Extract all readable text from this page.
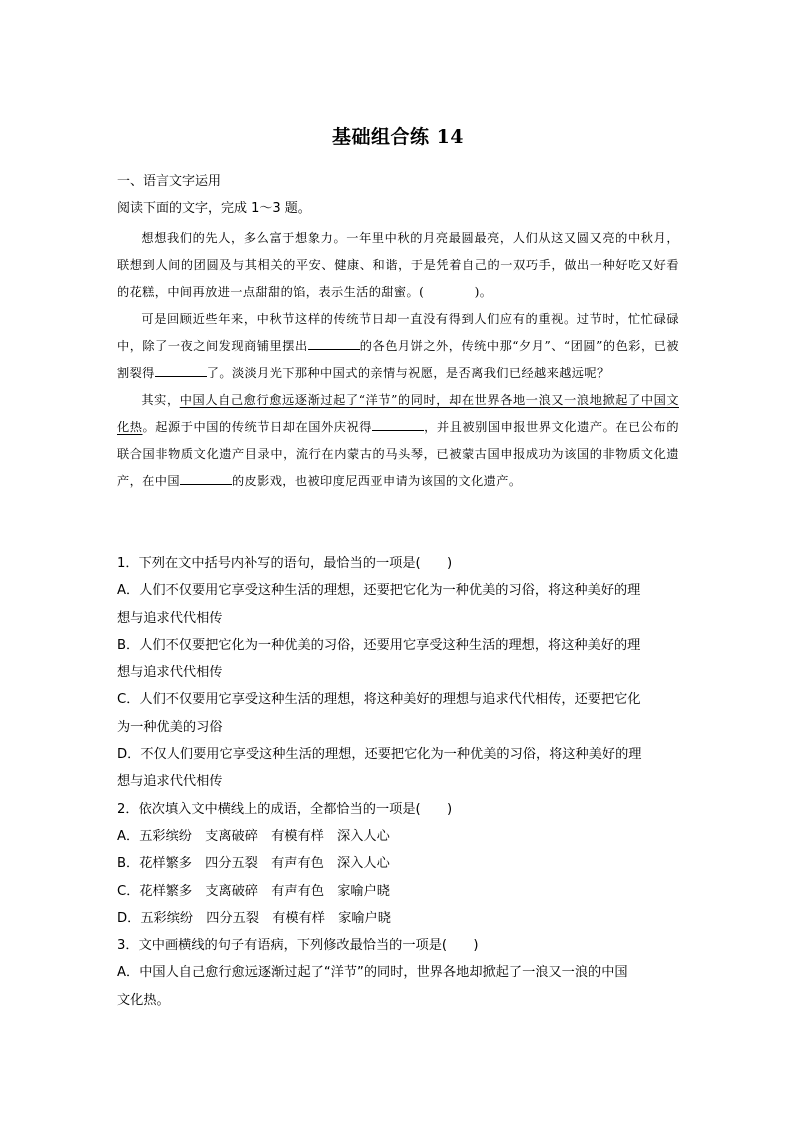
基础组合练 14
一、语言文字运用
阅读下面的文字，完成 1～3 题。

想想我们的先人，多么富于想象力。一年里中秋的月亮最圆最亮，人们从这又圆又亮的中秋月，联想到人间的团圆及与其相关的平安、健康、和谐，于是凭着自己的一双巧手，做出一种好吃又好看的花糕，中间再放进一点甜甜的馅，表示生活的甜蜜。(　　　　)。

可是回顾近些年来，中秋节这样的传统节日却一直没有得到人们应有的重视。过节时，忙忙碌碌中，除了一夜之间发现商铺里摆出	的各色月饼之外，传统中那“夕月”、“团圆”的色彩，已被割裂得	了。淡淡月光下那种中国式的亲情与祝愿，是否离我们已经越来越远呢？

其实，中国人自己愈行愈远逐渐过起了“洋节”的同时，却在世界各地一浪又一浪地掀起了中国文化热。起源于中国的传统节日却在国外庆祝得	，并且被别国申报世界文化遗产。在已公布的联合国非物质文化遗产目录中，流行在内蒙古的马头琴，已被蒙古国申报成功为该国的非物质文化遗产，在中国	的皮影戏，也被印度尼西亚申请为该国的文化遗产。

1．下列在文中括号内补写的语句，最恰当的一项是(　　)
A．人们不仅要用它享受这种生活的理想，还要把它化为一种优美的习俗，将这种美好的理
想与追求代代相传
B．人们不仅要把它化为一种优美的习俗，还要用它享受这种生活的理想，将这种美好的理
想与追求代代相传
C．人们不仅要用它享受这种生活的理想，将这种美好的理想与追求代代相传，还要把它化
为一种优美的习俗
D．不仅人们要用它享受这种生活的理想，还要把它化为一种优美的习俗，将这种美好的理
想与追求代代相传
2．依次填入文中横线上的成语，全都恰当的一项是(　　)
A．五彩缤纷　支离破碎　有模有样　深入人心
B．花样繁多　四分五裂　有声有色　深入人心
C．花样繁多　支离破碎　有声有色　家喻户晓
D．五彩缤纷　四分五裂　有模有样　家喻户晓
3．文中画横线的句子有语病，下列修改最恰当的一项是(　　)
A．中国人自己愈行愈远逐渐过起了“洋节”的同时，世界各地却掀起了一浪又一浪的中国
文化热。
